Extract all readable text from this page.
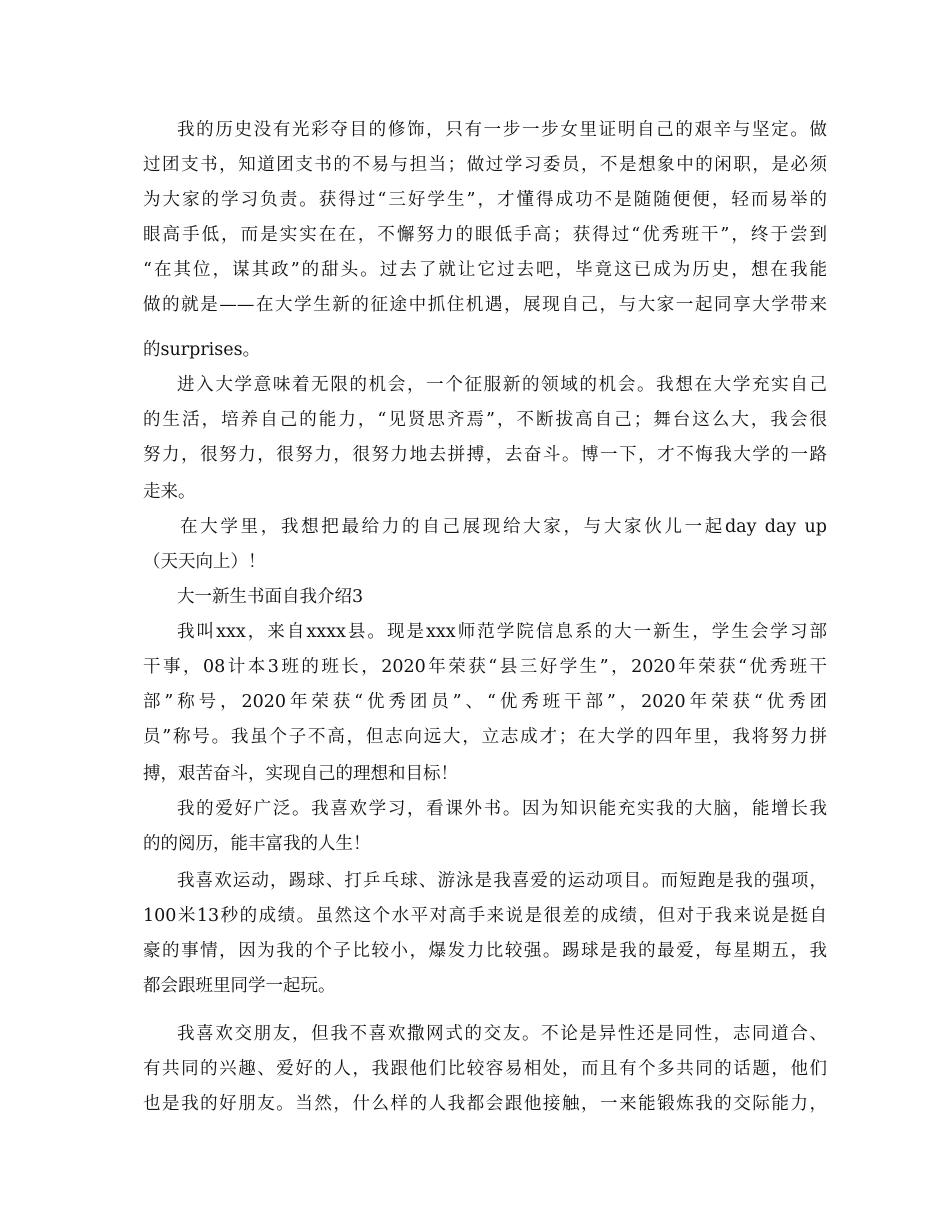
我的历史没有光彩夺目的修饰，只有一步一步女里证明自己的艰辛与坚定。做
过团支书，知道团支书的不易与担当；做过学习委员，不是想象中的闲职，是必须
为大家的学习负责。获得过“三好学生”，才懂得成功不是随随便便，轻而易举的
眼高手低，而是实实在在，不懈努力的眼低手高；获得过“优秀班干”，终于尝到
“在其位，谋其政”的甜头。过去了就让它过去吧，毕竟这已成为历史，想在我能
做的就是——在大学生新的征途中抓住机遇，展现自己，与大家一起同享大学带来
的surprises。
进入大学意味着无限的机会，一个征服新的领域的机会。我想在大学充实自己
的生活，培养自己的能力，“见贤思齐焉”，不断拔高自己；舞台这么大，我会很
努力，很努力，很努力，很努力地去拼搏，去奋斗。博一下，才不悔我大学的一路
走来。
在大学里，我想把最给力的自己展现给大家，与大家伙儿一起day day up
（天天向上）！
大一新生书面自我介绍3
我叫xxx，来自xxxx县。现是xxx师范学院信息系的大一新生，学生会学习部
干事，08计本3班的班长，2020年荣获“县三好学生”，2020年荣获“优秀班干
部”称号，2020年荣获“优秀团员”、“优秀班干部”，2020年荣获“优秀团
员”称号。我虽个子不高，但志向远大，立志成才；在大学的四年里，我将努力拼
搏，艰苦奋斗，实现自己的理想和目标！
我的爱好广泛。我喜欢学习，看课外书。因为知识能充实我的大脑，能增长我
的的阅历，能丰富我的人生！
我喜欢运动，踢球、打乒乓球、游泳是我喜爱的运动项目。而短跑是我的强项，
100米13秒的成绩。虽然这个水平对高手来说是很差的成绩，但对于我来说是挺自
豪的事情，因为我的个子比较小，爆发力比较强。踢球是我的最爱，每星期五，我
都会跟班里同学一起玩。
我喜欢交朋友，但我不喜欢撒网式的交友。不论是异性还是同性，志同道合、
有共同的兴趣、爱好的人，我跟他们比较容易相处，而且有个多共同的话题，他们
也是我的好朋友。当然，什么样的人我都会跟他接触，一来能锻炼我的交际能力，
